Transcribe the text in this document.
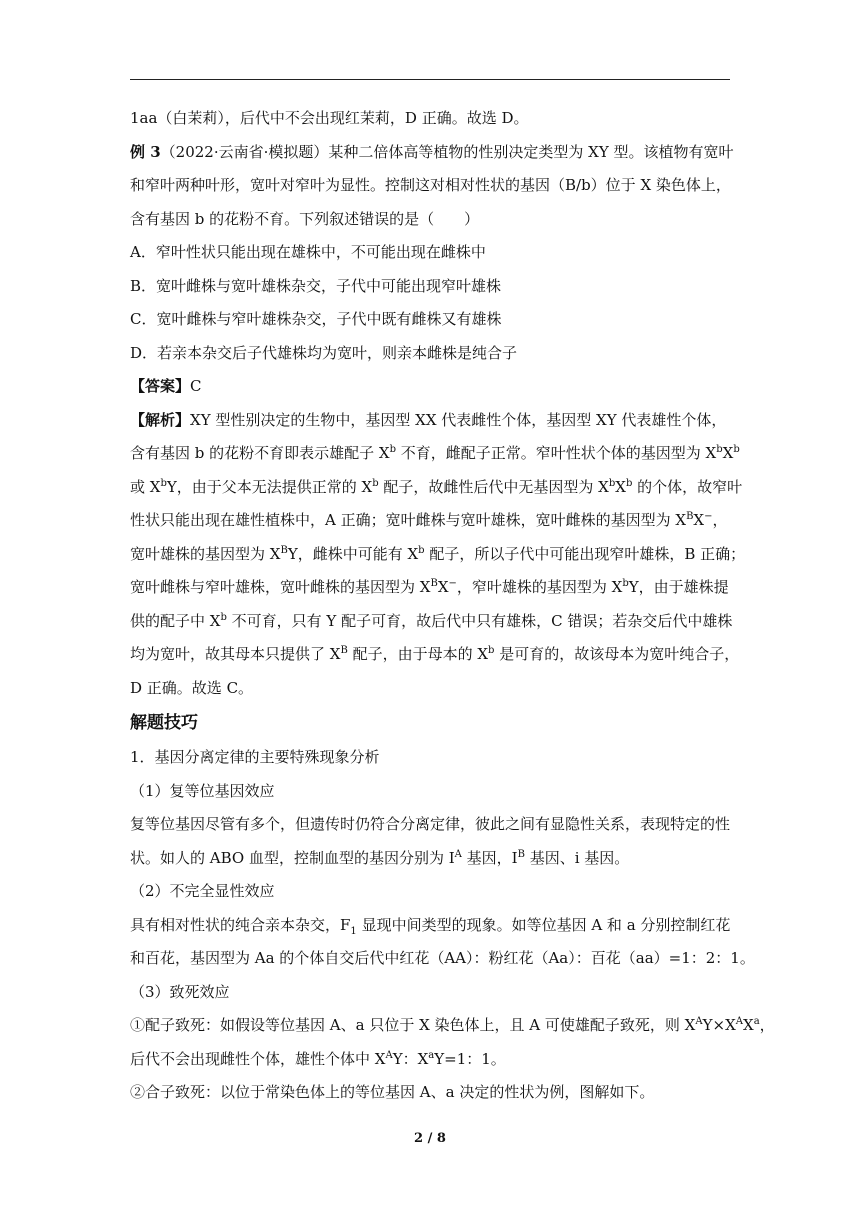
1aa（白茉莉），后代中不会出现红茉莉，D 正确。故选 D。

例 3（2022·云南省·模拟题）某种二倍体高等植物的性别决定类型为 XY 型。该植物有宽叶

和窄叶两种叶形，宽叶对窄叶为显性。控制这对相对性状的基因（B/b）位于 X 染色体上，

含有基因 b 的花粉不育。下列叙述错误的是（　　）

A．窄叶性状只能出现在雄株中，不可能出现在雌株中

B．宽叶雌株与宽叶雄株杂交，子代中可能出现窄叶雄株

C．宽叶雌株与窄叶雄株杂交，子代中既有雌株又有雄株

D．若亲本杂交后子代雄株均为宽叶，则亲本雌株是纯合子

【答案】C

【解析】XY 型性别决定的生物中，基因型 XX 代表雌性个体，基因型 XY 代表雄性个体，

含有基因 b 的花粉不育即表示雄配子 $X^b$ 不育，雌配子正常。窄叶性状个体的基因型为 $X^bX^b$

或 $X^bY$，由于父本无法提供正常的 $X^b$ 配子，故雌性后代中无基因型为 $X^bX^b$ 的个体，故窄叶

性状只能出现在雄性植株中，A 正确；宽叶雌株与宽叶雄株，宽叶雌株的基因型为 $X^BX^-$，

宽叶雄株的基因型为 $X^BY$，雌株中可能有 $X^b$ 配子，所以子代中可能出现窄叶雄株，B 正确；

宽叶雌株与窄叶雄株，宽叶雌株的基因型为 $X^BX^-$，窄叶雄株的基因型为 $X^bY$，由于雄株提

供的配子中 $X^b$ 不可育，只有 Y 配子可育，故后代中只有雄株，C 错误；若杂交后代中雄株

均为宽叶，故其母本只提供了 $X^B$ 配子，由于母本的 $X^b$ 是可育的，故该母本为宽叶纯合子，

D 正确。故选 C。

解题技巧

1．基因分离定律的主要特殊现象分析

（1）复等位基因效应

复等位基因尽管有多个，但遗传时仍符合分离定律，彼此之间有显隐性关系，表现特定的性

状。如人的 ABO 血型，控制血型的基因分别为 $I^A$ 基因，$I^B$ 基因、i 基因。

（2）不完全显性效应

具有相对性状的纯合亲本杂交，$F_1$ 显现中间类型的现象。如等位基因 A 和 a 分别控制红花

和百花，基因型为 Aa 的个体自交后代中红花（AA）：粉红花（Aa）：百花（aa）=1：2：1。

（3）致死效应

①配子致死：如假设等位基因 A、a 只位于 X 染色体上，且 A 可使雄配子致死，则 $X^AY\times X^AX^a$，

后代不会出现雌性个体，雄性个体中 $X^AY$：$X^aY=1$：1。

②合子致死：以位于常染色体上的等位基因 A、a 决定的性状为例，图解如下。

2 / 8
